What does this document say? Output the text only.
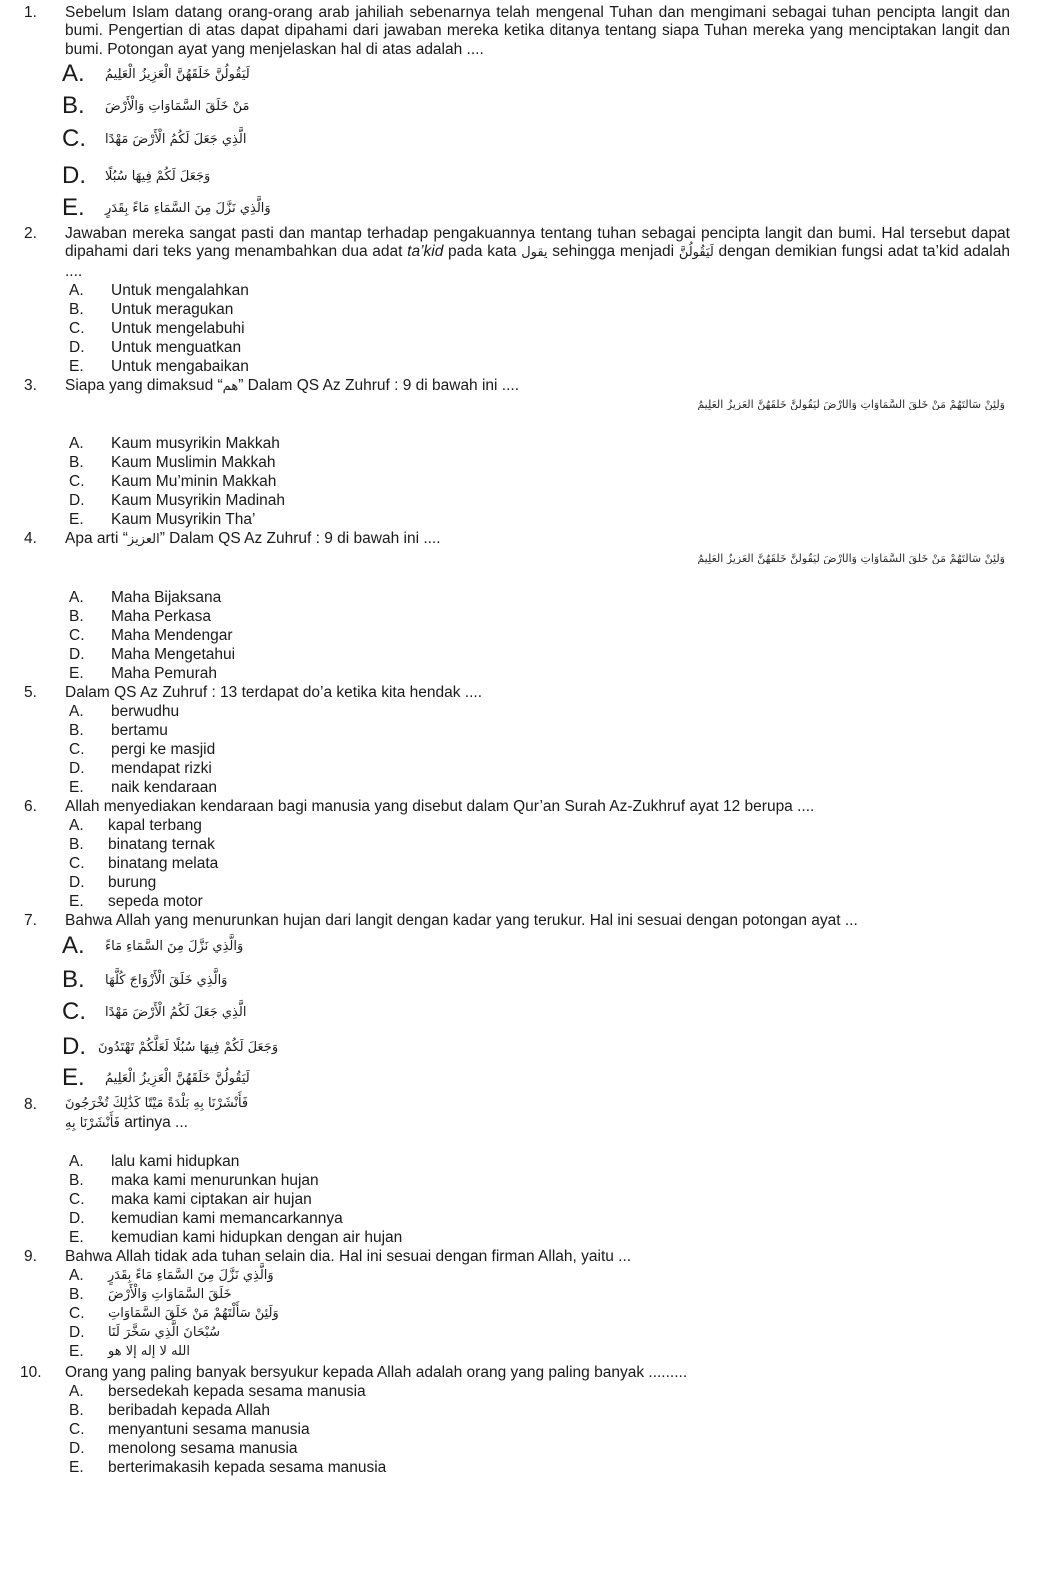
1. Sebelum Islam datang orang-orang arab jahiliah sebenarnya telah mengenal Tuhan dan mengimani sebagai tuhan pencipta langit dan bumi. Pengertian di atas dapat dipahami dari jawaban mereka ketika ditanya tentang siapa Tuhan mereka yang menciptakan langit dan bumi. Potongan ayat yang menjelaskan hal di atas adalah ....
A. لَيَقُولُنَّ خَلَقَهُنَّ الْعَزِيزُ الْعَلِيمُ
B. مَنْ خَلَقَ السَّمَاوَاتِ وَالْأَرْضَ
C. الَّذِي جَعَلَ لَكُمُ الْأَرْضَ مَهْدًا
D. وَجَعَلَ لَكُمْ فِيهَا سُبُلًا
E. وَالَّذِي نَزَّلَ مِنَ السَّمَاءِ مَاءً بِقَدَرٍ
2. Jawaban mereka sangat pasti dan mantap terhadap pengakuannya tentang tuhan sebagai pencipta langit dan bumi. Hal tersebut dapat dipahami dari teks yang menambahkan dua adat ta’kid pada kata يقول sehingga menjadi لَيَقُولُنَّ dengan demikian fungsi adat ta’kid adalah ....
A. Untuk mengalahkan
B. Untuk meragukan
C. Untuk mengelabuhi
D. Untuk menguatkan
E. Untuk mengabaikan
3. Siapa yang dimaksud “هم” Dalam QS Az Zuhruf : 9 di bawah ini ....
وَلَئِنْ سَأَلْتَهُمْ مَنْ خَلَقَ السَّمَاوَاتِ وَالْأَرْضَ لَيَقُولُنَّ خَلَقَهُنَّ الْعَزِيزُ الْعَلِيمُ
A. Kaum musyrikin Makkah
B. Kaum Muslimin Makkah
C. Kaum Mu’minin Makkah
D. Kaum Musyrikin Madinah
E. Kaum Musyrikin Tha’
4. Apa arti “العزيز” Dalam QS Az Zuhruf : 9 di bawah ini ....
وَلَئِنْ سَأَلْتَهُمْ مَنْ خَلَقَ السَّمَاوَاتِ وَالْأَرْضَ لَيَقُولُنَّ خَلَقَهُنَّ الْعَزِيزُ الْعَلِيمُ
A. Maha Bijaksana
B. Maha Perkasa
C. Maha Mendengar
D. Maha Mengetahui
E. Maha Pemurah
5. Dalam QS Az Zuhruf : 13 terdapat do’a ketika kita hendak ....
A. berwudhu
B. bertamu
C. pergi ke masjid
D. mendapat rizki
E. naik kendaraan
6. Allah menyediakan kendaraan bagi manusia yang disebut dalam Qur’an Surah Az-Zukhruf ayat 12 berupa ....
A. kapal terbang
B. binatang ternak
C. binatang melata
D. burung
E. sepeda motor
7. Bahwa Allah yang menurunkan hujan dari langit dengan kadar yang terukur. Hal ini sesuai dengan potongan ayat ...
A. وَالَّذِي نَزَّلَ مِنَ السَّمَاءِ مَاءً
B. وَالَّذِي خَلَقَ الْأَزْوَاجَ كُلَّهَا
C. الَّذِي جَعَلَ لَكُمُ الْأَرْضَ مَهْدًا
D. وَجَعَلَ لَكُمْ فِيهَا سُبُلًا لَعَلَّكُمْ تَهْتَدُونَ
E. لَيَقُولُنَّ خَلَقَهُنَّ الْعَزِيزُ الْعَلِيمُ
8. فَأَنْشَرْنَا بِهِ بَلْدَةً مَيْتًا كَذَٰلِكَ تُخْرَجُونَ
فَأَنْشَرْنَا بِهِ artinya ...
A. lalu kami hidupkan
B. maka kami menurunkan hujan
C. maka kami ciptakan air hujan
D. kemudian kami memancarkannya
E. kemudian kami hidupkan dengan air hujan
9. Bahwa Allah tidak ada tuhan selain dia. Hal ini sesuai dengan firman Allah, yaitu ...
A. وَالَّذِي نَزَّلَ مِنَ السَّمَاءِ مَاءً بِقَدَرٍ
B. خَلَقَ السَّمَاوَاتِ وَالْأَرْضَ
C. وَلَئِنْ سَأَلْتَهُمْ مَنْ خَلَقَ السَّمَاوَاتِ
D. سُبْحَانَ الَّذِي سَخَّرَ لَنَا
E. الله لا إله إلا هو
10. Orang yang paling banyak bersyukur kepada Allah adalah orang yang paling banyak .........
A. bersedekah kepada sesama manusia
B. beribadah kepada Allah
C. menyantuni sesama manusia
D. menolong sesama manusia
E. berterimakasih kepada sesama manusia
